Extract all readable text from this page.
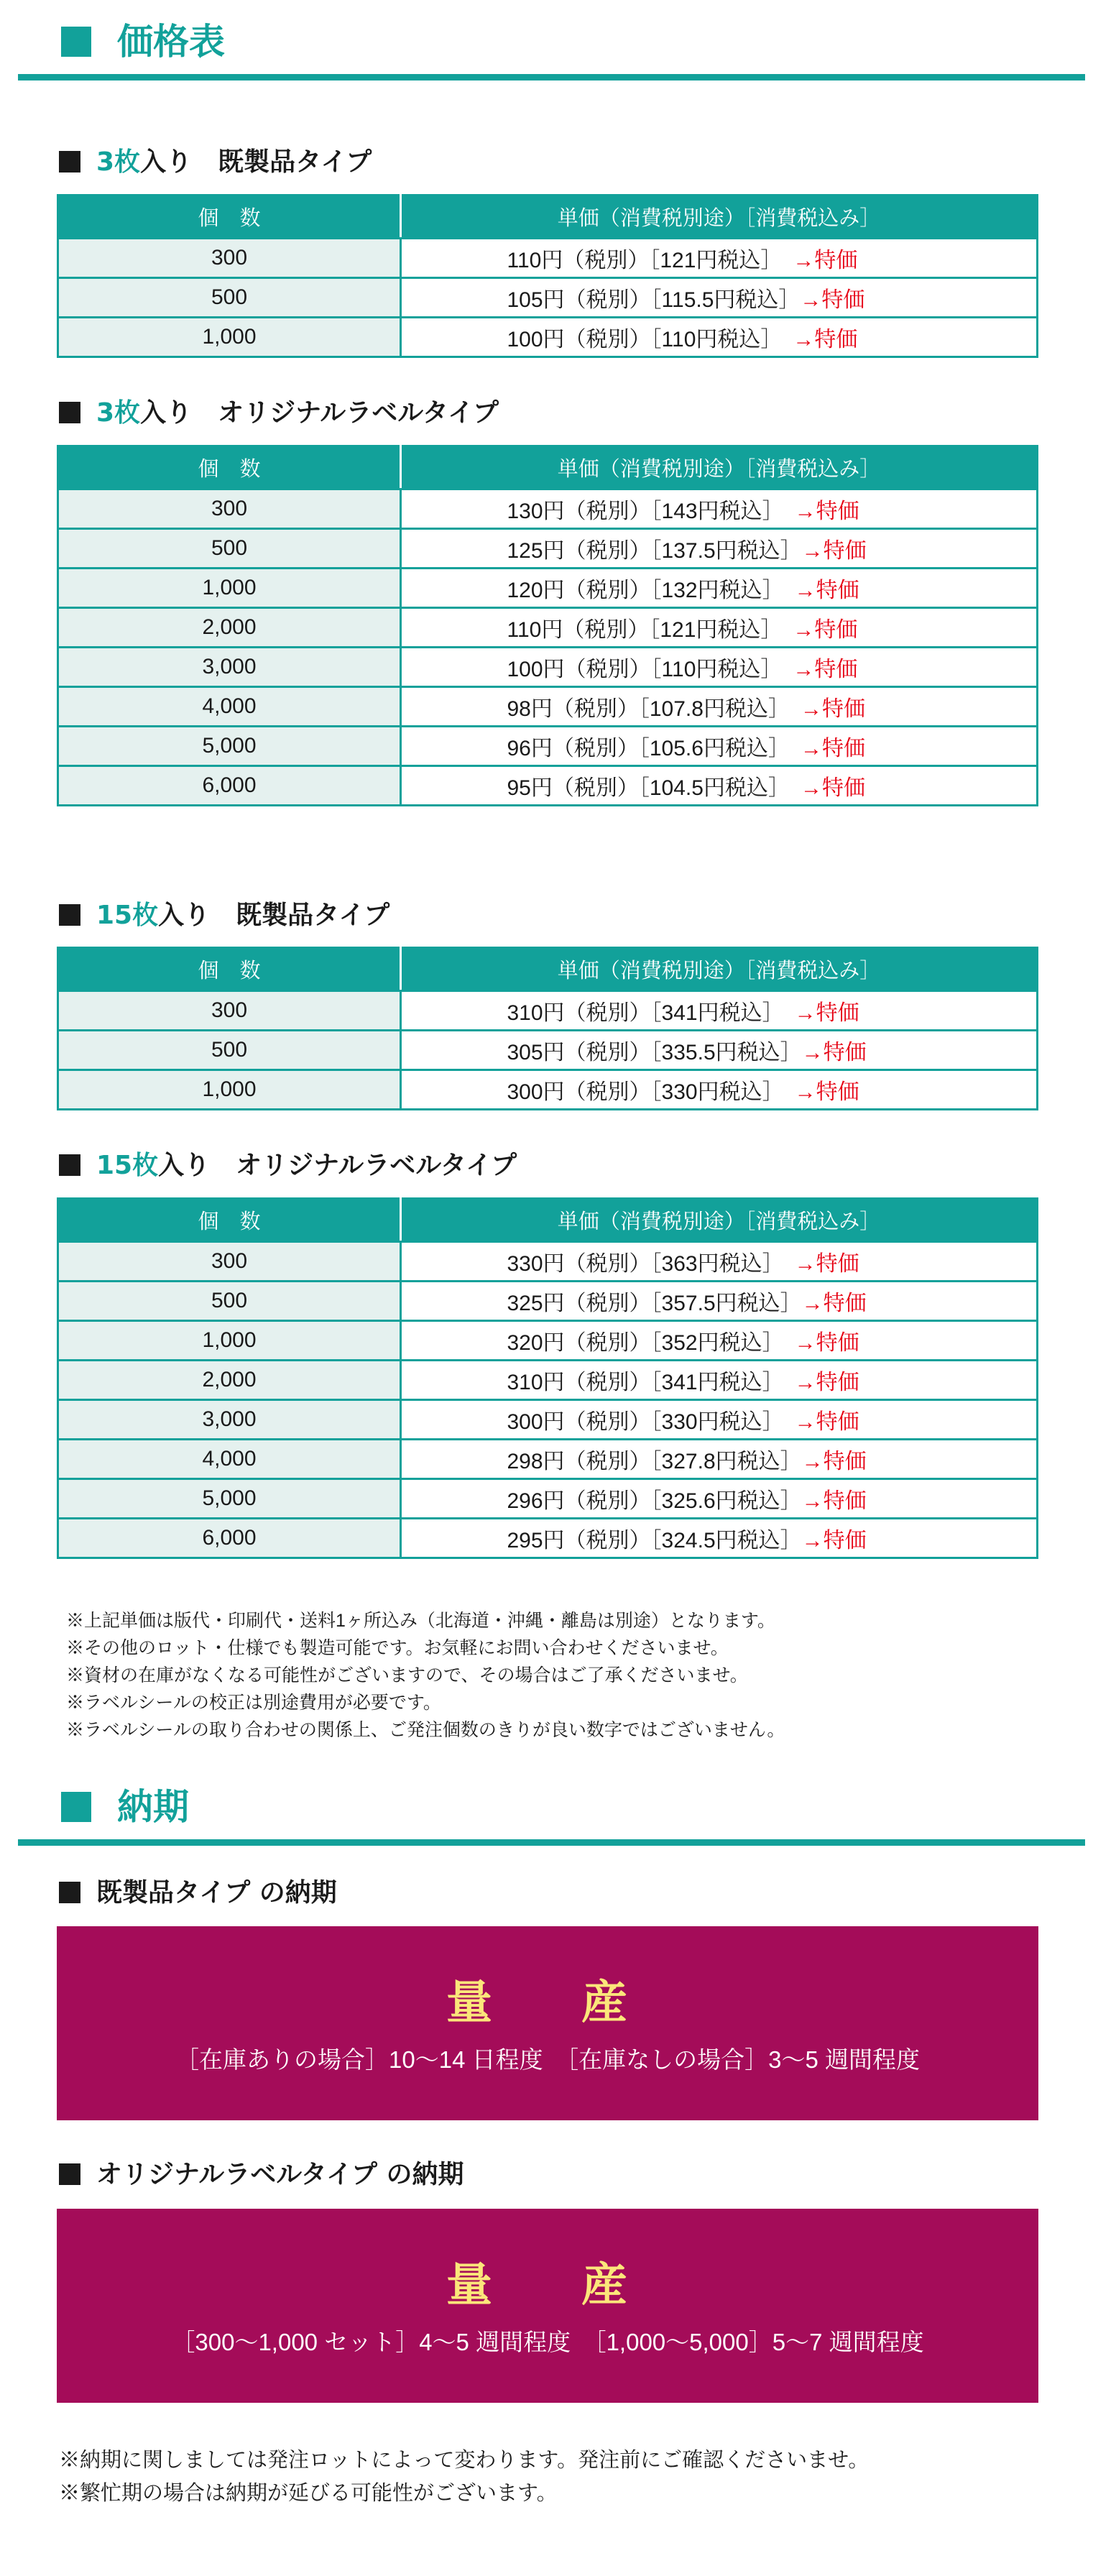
価格表
3枚入り　既製品タイプ
個　数	単価（消費税別途）［消費税込み］
300	110円（税別）［121円税込］　→特価
500	105円（税別）［115.5円税込］→特価
1,000	100円（税別）［110円税込］　→特価
3枚入り　オリジナルラベルタイプ
個　数	単価（消費税別途）［消費税込み］
300	130円（税別）［143円税込］　→特価
500	125円（税別）［137.5円税込］→特価
1,000	120円（税別）［132円税込］　→特価
2,000	110円（税別）［121円税込］　→特価
3,000	100円（税別）［110円税込］　→特価
4,000	98円（税別）［107.8円税込］　→特価
5,000	96円（税別）［105.6円税込］　→特価
6,000	95円（税別）［104.5円税込］　→特価
15枚入り　既製品タイプ
個　数	単価（消費税別途）［消費税込み］
300	310円（税別）［341円税込］　→特価
500	305円（税別）［335.5円税込］→特価
1,000	300円（税別）［330円税込］　→特価
15枚入り　オリジナルラベルタイプ
個　数	単価（消費税別途）［消費税込み］
300	330円（税別）［363円税込］　→特価
500	325円（税別）［357.5円税込］→特価
1,000	320円（税別）［352円税込］　→特価
2,000	310円（税別）［341円税込］　→特価
3,000	300円（税別）［330円税込］　→特価
4,000	298円（税別）［327.8円税込］→特価
5,000	296円（税別）［325.6円税込］→特価
6,000	295円（税別）［324.5円税込］→特価
※上記単価は版代・印刷代・送料1ヶ所込み（北海道・沖縄・離島は別途）となります。
※その他のロット・仕様でも製造可能です。お気軽にお問い合わせくださいませ。
※資材の在庫がなくなる可能性がございますので、その場合はご了承くださいませ。
※ラベルシールの校正は別途費用が必要です。
※ラベルシールの取り合わせの関係上、ご発注個数のきりが良い数字ではございません。
納期
既製品タイプ の納期
量　産
［在庫ありの場合］10〜14 日程度　［在庫なしの場合］3〜5 週間程度
オリジナルラベルタイプ の納期
量　産
［300〜1,000 セット］4〜5 週間程度　［1,000〜5,000］5〜7 週間程度
※納期に関しましては発注ロットによって変わります。発注前にご確認くださいませ。
※繁忙期の場合は納期が延びる可能性がございます。
